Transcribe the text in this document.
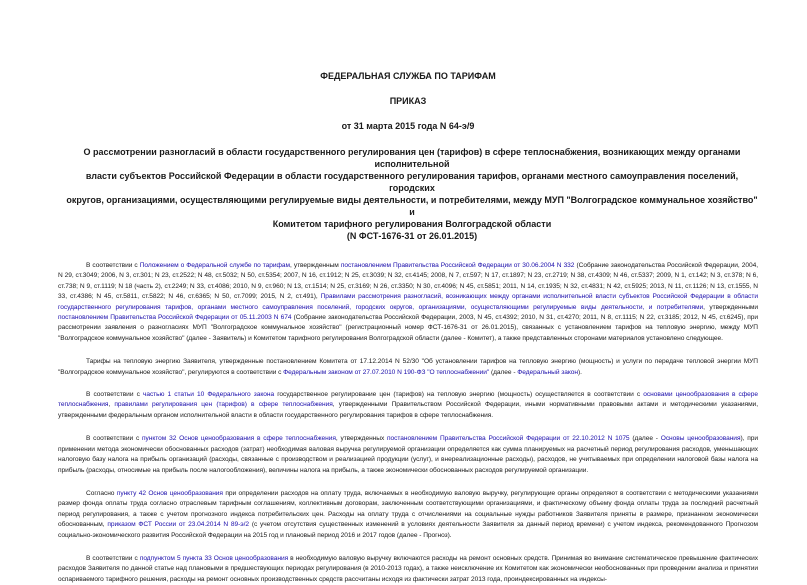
ФЕДЕРАЛЬНАЯ СЛУЖБА ПО ТАРИФАМ
ПРИКАЗ
от 31 марта 2015 года N 64-э/9
О рассмотрении разногласий в области государственного регулирования цен (тарифов) в сфере теплоснабжения, возникающих между органами исполнительной
власти субъектов Российской Федерации в области государственного регулирования тарифов, органами местного самоуправления поселений, городских
округов, организациями, осуществляющими регулируемые виды деятельности, и потребителями, между МУП "Волгоградское коммунальное хозяйство" и
Комитетом тарифного регулирования Волгоградской области
(N ФСТ-1676-31 от 26.01.2015)

В соответствии с Положением о Федеральной службе по тарифам, утвержденным постановлением Правительства Российской Федерации от 30.06.2004 N 332 (Собрание законодательства Российской Федерации, 2004, N 29, ст.3049; 2006, N 3, ст.301; N 23, ст.2522; N 48, ст.5032; N 50, ст.5354; 2007, N 16, ст.1912; N 25, ст.3039; N 32, ст.4145; 2008, N 7, ст.597; N 17, ст.1897; N 23, ст.2719; N 38, ст.4309; N 46, ст.5337; 2009, N 1, ст.142; N 3, ст.378; N 6, ст.738; N 9, ст.1119; N 18 (часть 2), ст.2249; N 33, ст.4086; 2010, N 9, ст.960; N 13, ст.1514; N 25, ст.3169; N 26, ст.3350; N 30, ст.4096; N 45, ст.5851; 2011, N 14, ст.1935; N 32, ст.4831; N 42, ст.5925; 2013, N 11, ст.1126; N 13, ст.1555, N 33, ст.4386; N 45, ст.5811, ст.5822; N 46, ст.6365; N 50, ст.7099; 2015, N 2, ст.491), Правилами рассмотрения разногласий, возникающих между органами исполнительной власти субъектов Российской Федерации в области государственного регулирования тарифов, органами местного самоуправления поселений, городских округов, организациями, осуществляющими регулируемые виды деятельности, и потребителями, утвержденными постановлением Правительства Российской Федерации от 05.11.2003 N 674 (Собрание законодательства Российской Федерации, 2003, N 45, ст.4392; 2010, N 31, ст.4270; 2011, N 8, ст.1115; N 22, ст.3185; 2012, N 45, ст.6245), при рассмотрении заявления о разногласиях МУП "Волгоградское коммунальное хозяйство" (регистрационный номер ФСТ-1676-31 от 26.01.2015), связанных с установлением тарифов на тепловую энергию, между МУП "Волгоградское коммунальное хозяйство" (далее - Заявитель) и Комитетом тарифного регулирования Волгоградской области (далее - Комитет), а также представленных сторонами материалов установлено следующее.

Тарифы на тепловую энергию Заявителя, утвержденные постановлением Комитета от 17.12.2014 N 52/30 "Об установлении тарифов на тепловую энергию (мощность) и услуги по передаче тепловой энергии МУП "Волгоградское коммунальное хозяйство", регулируются в соответствии с Федеральным законом от 27.07.2010 N 190-ФЗ "О теплоснабжении" (далее - Федеральный закон).

В соответствии с частью 1 статьи 10 Федерального закона государственное регулирование цен (тарифов) на тепловую энергию (мощность) осуществляется в соответствии с основами ценообразования в сфере теплоснабжения, правилами регулирования цен (тарифов) в сфере теплоснабжения, утвержденными Правительством Российской Федерации, иными нормативными правовыми актами и методическими указаниями, утвержденными федеральным органом исполнительной власти в области государственного регулирования тарифов в сфере теплоснабжения.

В соответствии с пунктом 32 Основ ценообразования в сфере теплоснабжения, утвержденных постановлением Правительства Российской Федерации от 22.10.2012 N 1075 (далее - Основы ценообразования), при применении метода экономически обоснованных расходов (затрат) необходимая валовая выручка регулируемой организации определяется как сумма планируемых на расчетный период регулирования расходов, уменьшающих налоговую базу налога на прибыль организаций (расходы, связанные с производством и реализацией продукции (услуг), и внереализационные расходы), расходов, не учитываемых при определении налоговой базы налога на прибыль (расходы, относимые на прибыль после налогообложения), величины налога на прибыль, а также экономически обоснованных расходов регулируемой организации.

Согласно пункту 42 Основ ценообразования при определении расходов на оплату труда, включаемых в необходимую валовую выручку, регулирующие органы определяют в соответствии с методическими указаниями размер фонда оплаты труда согласно отраслевым тарифным соглашениям, коллективным договорам, заключенным соответствующими организациями, и фактическому объему фонда оплаты труда за последний расчетный период регулирования, а также с учетом прогнозного индекса потребительских цен. Расходы на оплату труда с отчислениями на социальные нужды работников Заявителя приняты в размере, признанном экономически обоснованным, приказом ФСТ России от 23.04.2014 N 89-э/2 (с учетом отсутствия существенных изменений в условиях деятельности Заявителя за данный период времени) с учетом индекса, рекомендованного Прогнозом социально-экономического развития Российской Федерации на 2015 год и плановый период 2016 и 2017 годов (далее - Прогноз).

В соответствии с подпунктом 5 пункта 33 Основ ценообразования в необходимую валовую выручку включаются расходы на ремонт основных средств. Принимая во внимание систематическое превышение фактических расходов Заявителя по данной статье над плановыми в предшествующих периодах регулирования (в 2010-2013 годах), а также неисключение их Комитетом как экономически необоснованных при проведении анализа и принятии оспариваемого тарифного решения, расходы на ремонт основных производственных средств рассчитаны исходя из фактически затрат 2013 года, проиндексированных на индексы-
